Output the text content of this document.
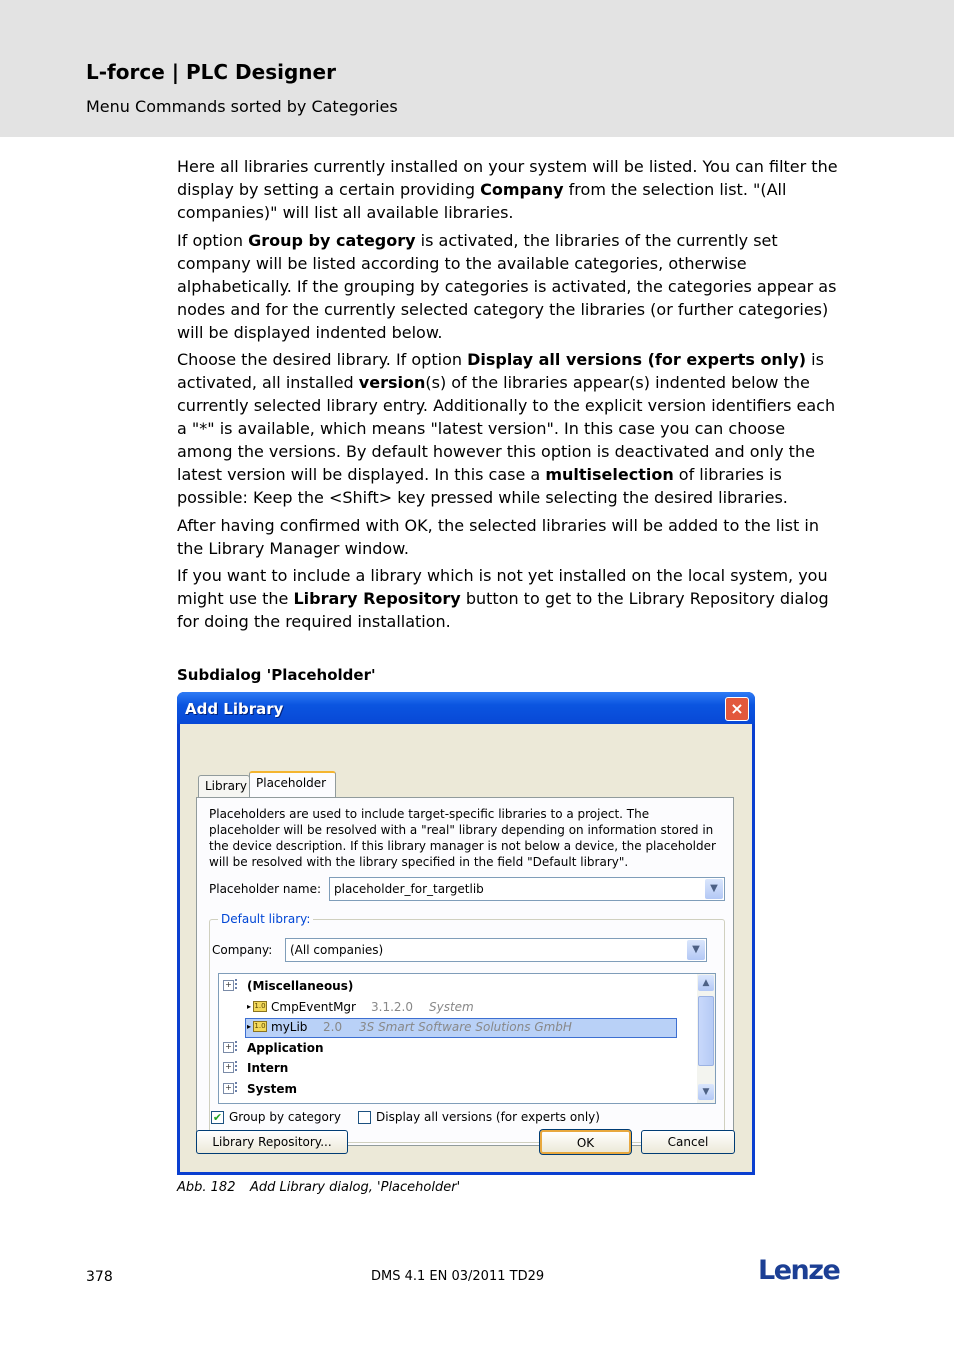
L-force | PLC Designer
Menu Commands sorted by Categories

Here all libraries currently installed on your system will be listed. You can filter the display by setting a certain providing Company from the selection list. "(All companies)" will list all available libraries.

If option Group by category is activated, the libraries of the currently set company will be listed according to the available categories, otherwise alphabetically. If the grouping by categories is activated, the categories appear as nodes and for the currently selected category the libraries (or further categories) will be displayed indented below.

Choose the desired library. If option Display all versions (for experts only) is activated, all installed version(s) of the libraries appear(s) indented below the currently selected library entry. Additionally to the explicit version identifiers each a "*" is available, which means "latest version". In this case you can choose among the versions. By default however this option is deactivated and only the latest version will be displayed. In this case a multiselection of libraries is possible: Keep the <Shift> key pressed while selecting the desired libraries.

After having confirmed with OK, the selected libraries will be added to the list in the Library Manager window.

If you want to include a library which is not yet installed on the local system, you might use the Library Repository button to get to the Library Repository dialog for doing the required installation.

Subdialog 'Placeholder'
Add Library	×
Library Placeholder
Placeholders are used to include target-specific libraries to a project. The placeholder will be resolved with a "real" library depending on information stored in the device description. If this library manager is not below a device, the placeholder will be resolved with the library specified in the field "Default library".
Placeholder name: placeholder_for_targetlib	▼
Default library:
Company: (All companies)	▼
+ (Miscellaneous)
▸ 1.0 CmpEventMgr 3.1.2.0 System
▸ 1.0 myLib 2.0 3S Smart Software Solutions GmbH
+ Application
+ Intern
+ System
▲
▼
✔ Group by category	Display all versions (for experts only)
Library Repository...	OK	Cancel
Abb. 182 Add Library dialog, 'Placeholder'
378	DMS 4.1 EN 03/2011 TD29	Lenze
